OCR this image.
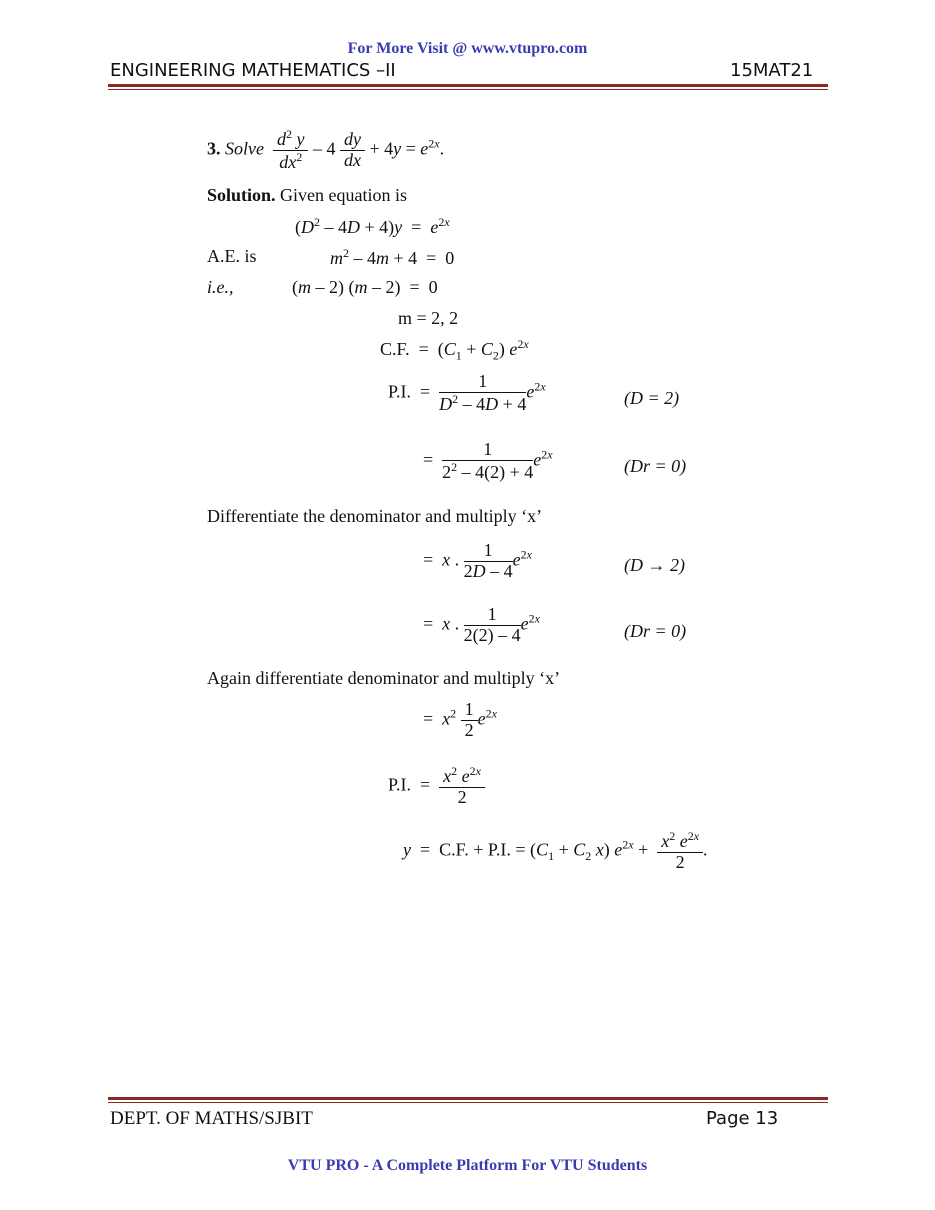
For More Visit @ www.vtupro.com
ENGINEERING MATHEMATICS –II	15MAT21
3. Solve $\frac{d^2 y}{dx^2} - 4 \frac{dy}{dx} + 4y = e^{2x}$.
Solution. Given equation is
$(D^2 - 4D + 4)y = e^{2x}$
A.E. is	$m^2 - 4m + 4 = 0$
i.e.,	(m – 2) (m – 2)  =  0
m = 2, 2
C.F.  =  $(C_1 + C_2)$ $e^{2x}$
P.I.  = $\frac{1}{D^2 - 4D + 4} e^{2x}$
(D = 2)
= $\frac{1}{2^2 - 4(2) + 4} e^{2x}$
(Dr = 0)
Differentiate the denominator and multiply ‘x’
=  x . $\frac{1}{2D - 4} e^{2x}$
(D → 2)
=  x . $\frac{1}{2(2) - 4} e^{2x}$
(Dr = 0)
Again differentiate denominator and multiply ‘x’
=  $x^2 \frac{1}{2} e^{2x}$
P.I.  = $\frac{x^2 e^{2x}}{2}$
y  =  C.F. + P.I. = ($C_1 + C_2$ x) $e^{2x} + \frac{x^2 e^{2x}}{2}$ .
DEPT. OF MATHS/SJBIT	Page 13
VTU PRO - A Complete Platform For VTU Students
